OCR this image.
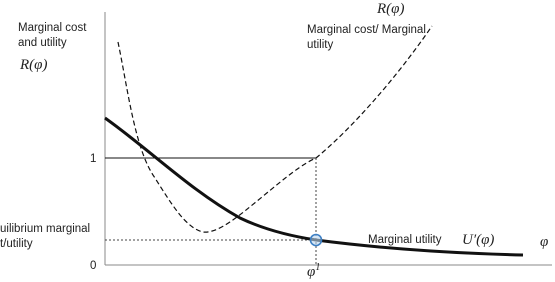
Marginal cost and utility
R(φ)
1
0
uilibrium marginal t/utility	φ
$\varphi^1$
R(φ)
Marginal cost/ Marginal utility
Marginal utility U′(φ)
